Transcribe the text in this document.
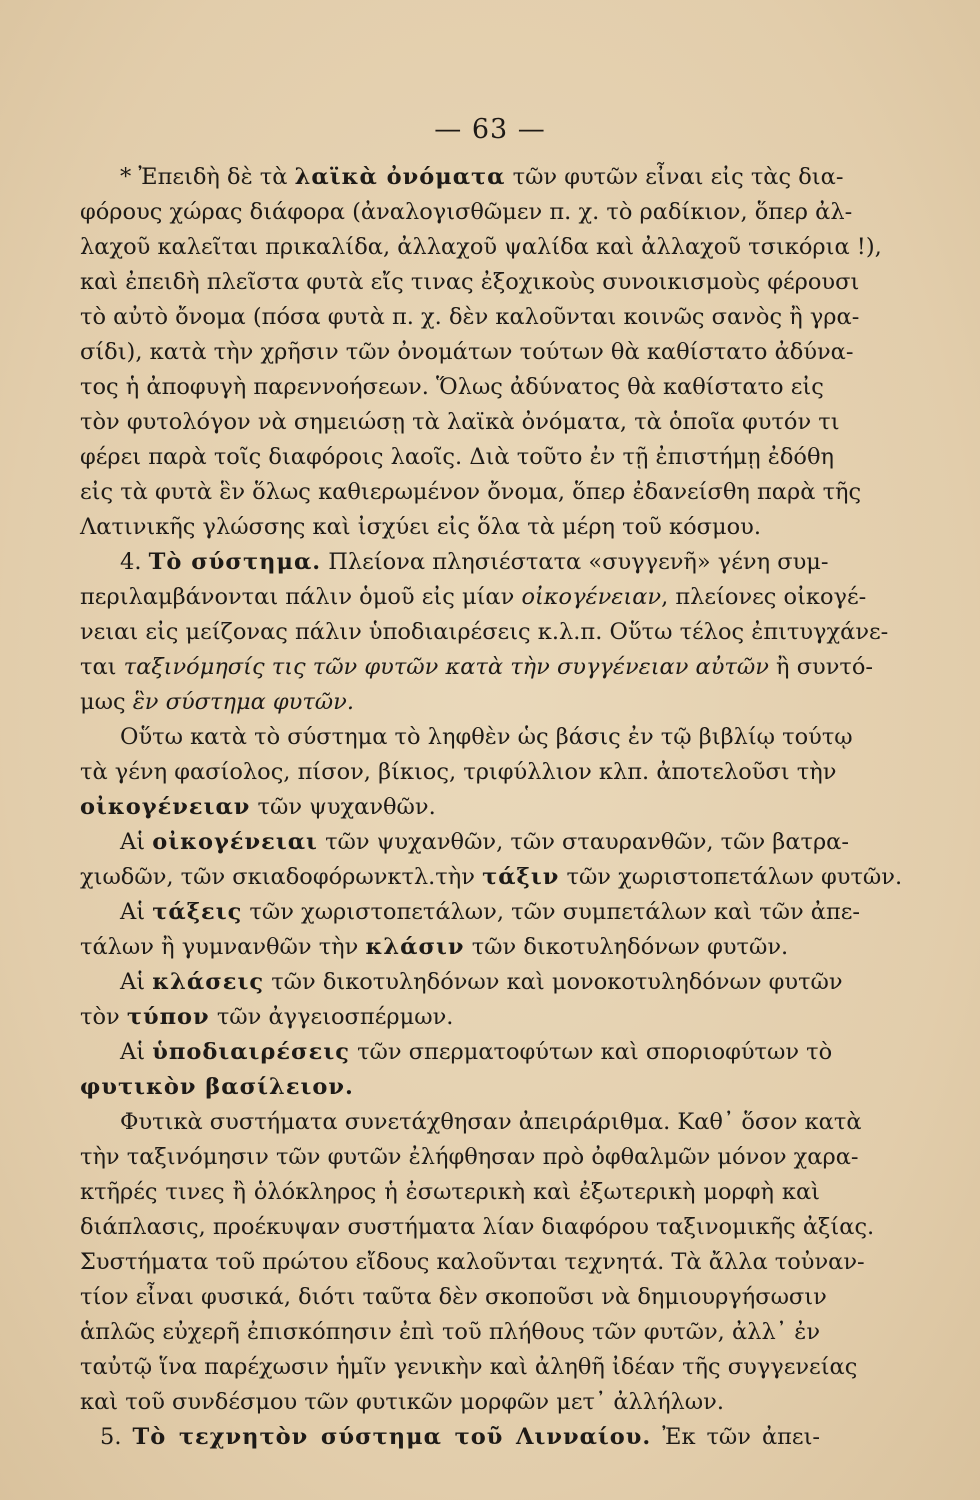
— 63 —
* Ἐπειδὴ δὲ τὰ λαϊκὰ ὀνόματα τῶν φυτῶν εἶναι εἰς τὰς δια-
φόρους χώρας διάφορα (ἀναλογισθῶμεν π. χ. τὸ ραδίκιον, ὅπερ ἀλ-
λαχοῦ καλεῖται πρικαλίδα, ἀλλαχοῦ ψαλίδα καὶ ἀλλαχοῦ τσικόρια !),
καὶ ἐπειδὴ πλεῖστα φυτὰ εἴς τινας ἐξοχικοὺς συνοικισμοὺς φέρουσι
τὸ αὐτὸ ὄνομα (πόσα φυτὰ π. χ. δὲν καλοῦνται κοινῶς σανὸς ἢ γρα-
σίδι), κατὰ τὴν χρῆσιν τῶν ὀνομάτων τούτων θὰ καθίστατο ἀδύνα-
τος ἡ ἀποφυγὴ παρεννοήσεων. Ὅλως ἀδύνατος θὰ καθίστατο εἰς
τὸν φυτολόγον νὰ σημειώσῃ τὰ λαϊκὰ ὀνόματα, τὰ ὁποῖα φυτόν τι
φέρει παρὰ τοῖς διαφόροις λαοῖς. Διὰ τοῦτο ἐν τῇ ἐπιστήμῃ ἐδόθη
εἰς τὰ φυτὰ ἓν ὅλως καθιερωμένον ὄνομα, ὅπερ ἐδανείσθη παρὰ τῆς
Λατινικῆς γλώσσης καὶ ἰσχύει εἰς ὅλα τὰ μέρη τοῦ κόσμου.
4. Τὸ σύστημα. Πλείονα πλησιέστατα «συγγενῆ» γένη συμ-
περιλαμβάνονται πάλιν ὁμοῦ εἰς μίαν οἰκογένειαν, πλείονες οἰκογέ-
νειαι εἰς μείζονας πάλιν ὑποδιαιρέσεις κ.λ.π. Οὕτω τέλος ἐπιτυγχάνε-
ται ταξινόμησίς τις τῶν φυτῶν κατὰ τὴν συγγένειαν αὐτῶν ἢ συντό-
μως ἓν σύστημα φυτῶν.
Οὕτω κατὰ τὸ σύστημα τὸ ληφθὲν ὡς βάσις ἐν τῷ βιβλίῳ τούτῳ
τὰ γένη φασίολος, πίσον, βίκιος, τριφύλλιον κλπ. ἀποτελοῦσι τὴν
οἰκογένειαν τῶν ψυχανθῶν.
Αἱ οἰκογένειαι τῶν ψυχανθῶν, τῶν σταυρανθῶν, τῶν βατρα-
χιωδῶν, τῶν σκιαδοφόρωνκτλ.τὴν τάξιν τῶν χωριστοπετάλων φυτῶν.
Αἱ τάξεις τῶν χωριστοπετάλων, τῶν συμπετάλων καὶ τῶν ἀπε-
τάλων ἢ γυμνανθῶν τὴν κλάσιν τῶν δικοτυληδόνων φυτῶν.
Αἱ κλάσεις τῶν δικοτυληδόνων καὶ μονοκοτυληδόνων φυτῶν
τὸν τύπον τῶν ἀγγειοσπέρμων.
Αἱ ὑποδιαιρέσεις τῶν σπερματοφύτων καὶ σποριοφύτων τὸ
φυτικὸν βασίλειον.
Φυτικὰ συστήματα συνετάχθησαν ἀπειράριθμα. Καθ᾽ ὅσον κατὰ
τὴν ταξινόμησιν τῶν φυτῶν ἐλήφθησαν πρὸ ὀφθαλμῶν μόνον χαρα-
κτῆρές τινες ἢ ὁλόκληρος ἡ ἐσωτερικὴ καὶ ἐξωτερικὴ μορφὴ καὶ
διάπλασις, προέκυψαν συστήματα λίαν διαφόρου ταξινομικῆς ἀξίας.
Συστήματα τοῦ πρώτου εἴδους καλοῦνται τεχνητά. Τὰ ἄλλα τοὐναν-
τίον εἶναι φυσικά, διότι ταῦτα δὲν σκοποῦσι νὰ δημιουργήσωσιν
ἁπλῶς εὐχερῆ ἐπισκόπησιν ἐπὶ τοῦ πλήθους τῶν φυτῶν, ἀλλ᾽ ἐν
ταὐτῷ ἵνα παρέχωσιν ἡμῖν γενικὴν καὶ ἀληθῆ ἰδέαν τῆς συγγενείας
καὶ τοῦ συνδέσμου τῶν φυτικῶν μορφῶν μετ᾽ ἀλλήλων.
5. Τὸ τεχνητὸν σύστημα τοῦ Λινναίου. Ἐκ τῶν ἀπει-
